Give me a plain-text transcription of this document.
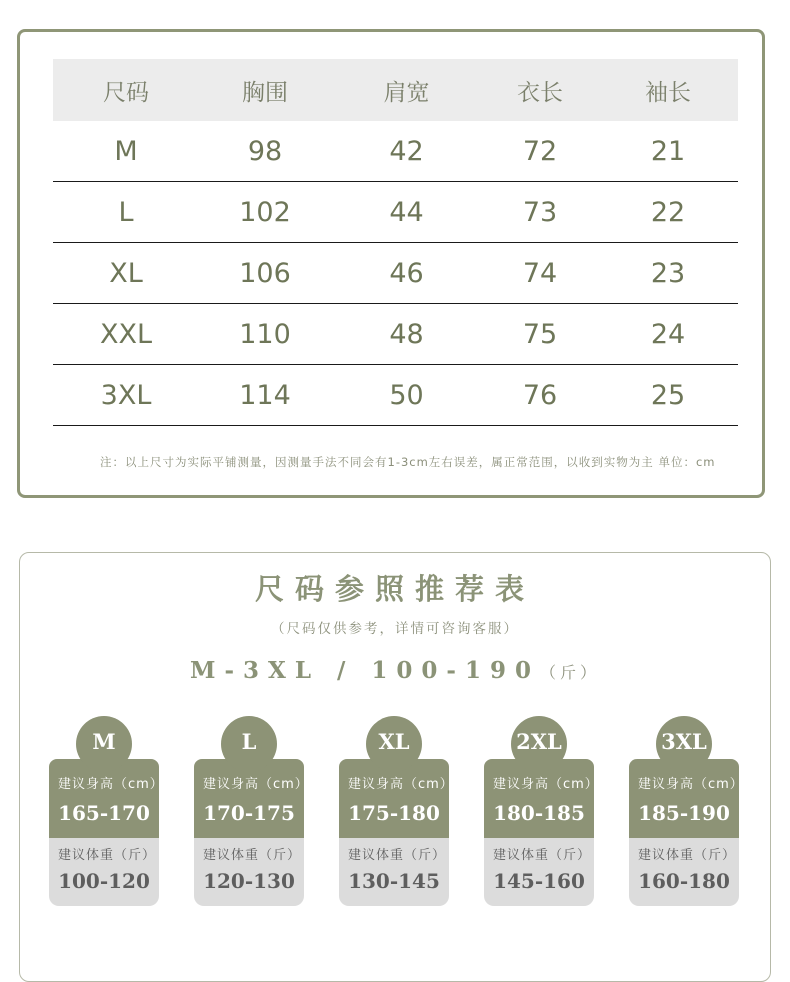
尺码	胸围	肩宽	衣长	袖长
M	98	42	72	21
L	102	44	73	22
XL	106	46	74	23
XXL	110	48	75	24
3XL	114	50	76	25
注：以上尺寸为实际平铺测量，因测量手法不同会有1-3cm左右误差，属正常范围，以收到实物为主 单位：cm
尺码参照推荐表
（尺码仅供参考，详情可咨询客服）
M-3XL / 100-190（斤）
建议身高（cm）
165-170
建议体重（斤）
100-120
M
建议身高（cm）
170-175
建议体重（斤）
120-130
L
建议身高（cm）
175-180
建议体重（斤）
130-145
XL
建议身高（cm）
180-185
建议体重（斤）
145-160
2XL
建议身高（cm）
185-190
建议体重（斤）
160-180
3XL
